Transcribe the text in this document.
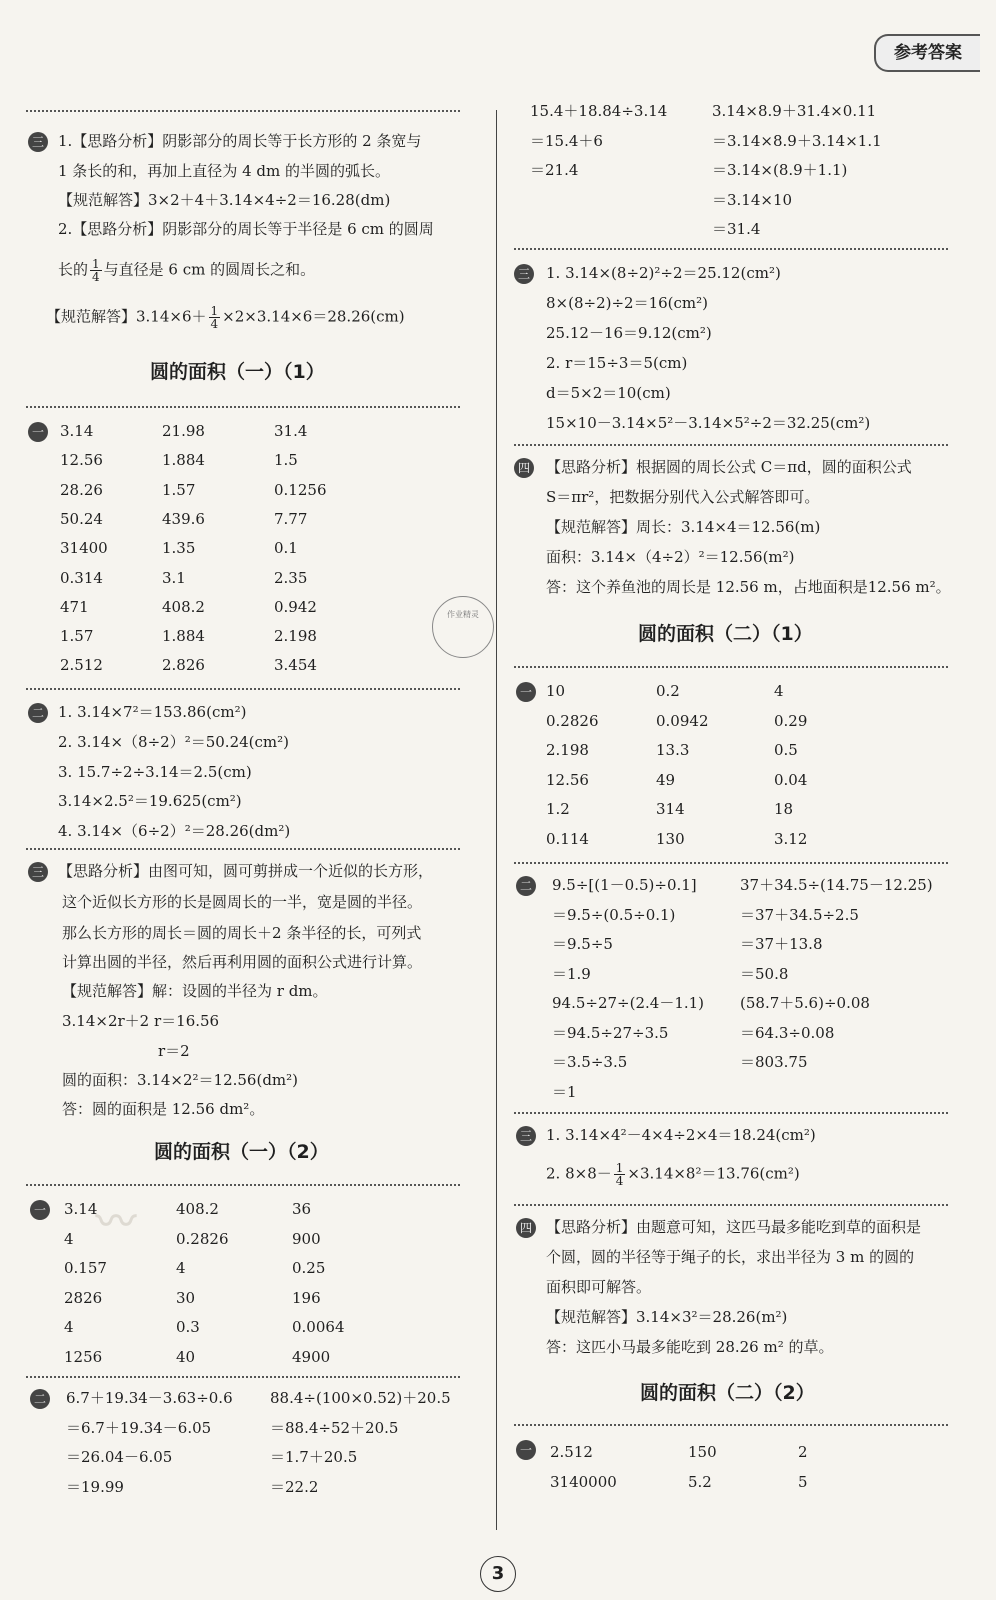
参考答案
三 1.【思路分析】阴影部分的周长等于长方形的 2 条宽与
1 条长的和，再加上直径为 4 dm 的半圆的弧长。
【规范解答】3×2＋4＋3.14×4÷2＝16.28(dm)
2.【思路分析】阴影部分的周长等于半径是 6 cm 的圆周
长的 $\frac{1}{4}$ 与直径是 6 cm 的圆周长之和。
【规范解答】$3.14\times 6+ \frac{1}{4} \times 2\times 3.14\times 6=28.26(cm)$
圆的面积（一）（1）
一 3.14	21.98	31.4
12.56	1.884	1.5
28.26	1.57	0.1256
50.24	439.6	7.77
31400	1.35	0.1
0.314	3.1	2.35
471	408.2	0.942
1.57	1.884	2.198
2.512	2.826	3.454

作业精灵
二 1. 3.14×7²＝153.86(cm²)
2. 3.14×（8÷2）²＝50.24(cm²)
3. 15.7÷2÷3.14＝2.5(cm)
3.14×2.5²＝19.625(cm²)
4. 3.14×（6÷2）²＝28.26(dm²)
三 【思路分析】由图可知，圆可剪拼成一个近似的长方形，
这个近似长方形的长是圆周长的一半，宽是圆的半径。
那么长方形的周长＝圆的周长＋2 条半径的长，可列式
计算出圆的半径，然后再利用圆的面积公式进行计算。
【规范解答】解：设圆的半径为 r dm。
3.14×2r＋2 r＝16.56
r＝2
圆的面积：3.14×2²＝12.56(dm²)
答：圆的面积是 12.56 dm²。
圆的面积（一）（2）
一 3.14	408.2	36
4	0.2826	900
0.157	4	0.25
2826	30	196
4	0.3	0.0064
1256	40	4900
〰
二 6.7＋19.34－3.63÷0.6
＝6.7＋19.34－6.05
＝26.04－6.05
＝19.99
88.4÷(100×0.52)＋20.5
＝88.4÷52＋20.5
＝1.7＋20.5
＝22.2
15.4＋18.84÷3.14
＝15.4＋6
＝21.4
3.14×8.9＋31.4×0.11
＝3.14×8.9＋3.14×1.1
＝3.14×(8.9＋1.1)
＝3.14×10
＝31.4
三 1. 3.14×(8÷2)²÷2＝25.12(cm²)
8×(8÷2)÷2＝16(cm²)
25.12－16＝9.12(cm²)
2. r＝15÷3＝5(cm)
d＝5×2＝10(cm)
15×10－3.14×5²－3.14×5²÷2＝32.25(cm²)
四 【思路分析】根据圆的周长公式 C＝πd，圆的面积公式
S＝πr²，把数据分别代入公式解答即可。
【规范解答】周长：3.14×4＝12.56(m)
面积：3.14×（4÷2）²＝12.56(m²)
答：这个养鱼池的周长是 12.56 m，占地面积是12.56 m²。
圆的面积（二）（1）
一 10	0.2	4
0.2826	0.0942	0.29
2.198	13.3	0.5
12.56	49	0.04
1.2	314	18
0.114	130	3.12
二 9.5÷[(1－0.5)÷0.1]
＝9.5÷(0.5÷0.1)
＝9.5÷5
＝1.9
37＋34.5÷(14.75－12.25)
＝37＋34.5÷2.5
＝37＋13.8
＝50.8
94.5÷27÷(2.4－1.1)
＝94.5÷27÷3.5
＝3.5÷3.5
＝1
(58.7＋5.6)÷0.08
＝64.3÷0.08
＝803.75
三 1. 3.14×4²－4×4÷2×4＝18.24(cm²)
2. $8\times 8- \frac{1}{4} \times 3.14\times 8^2=13.76(cm^2)$
四 【思路分析】由题意可知，这匹马最多能吃到草的面积是
个圆，圆的半径等于绳子的长，求出半径为 3 m 的圆的
面积即可解答。
【规范解答】3.14×3²＝28.26(m²)
答：这匹小马最多能吃到 28.26 m² 的草。
圆的面积（二）（2）
一 2.512	150	2
3140000	5.2	5
3
